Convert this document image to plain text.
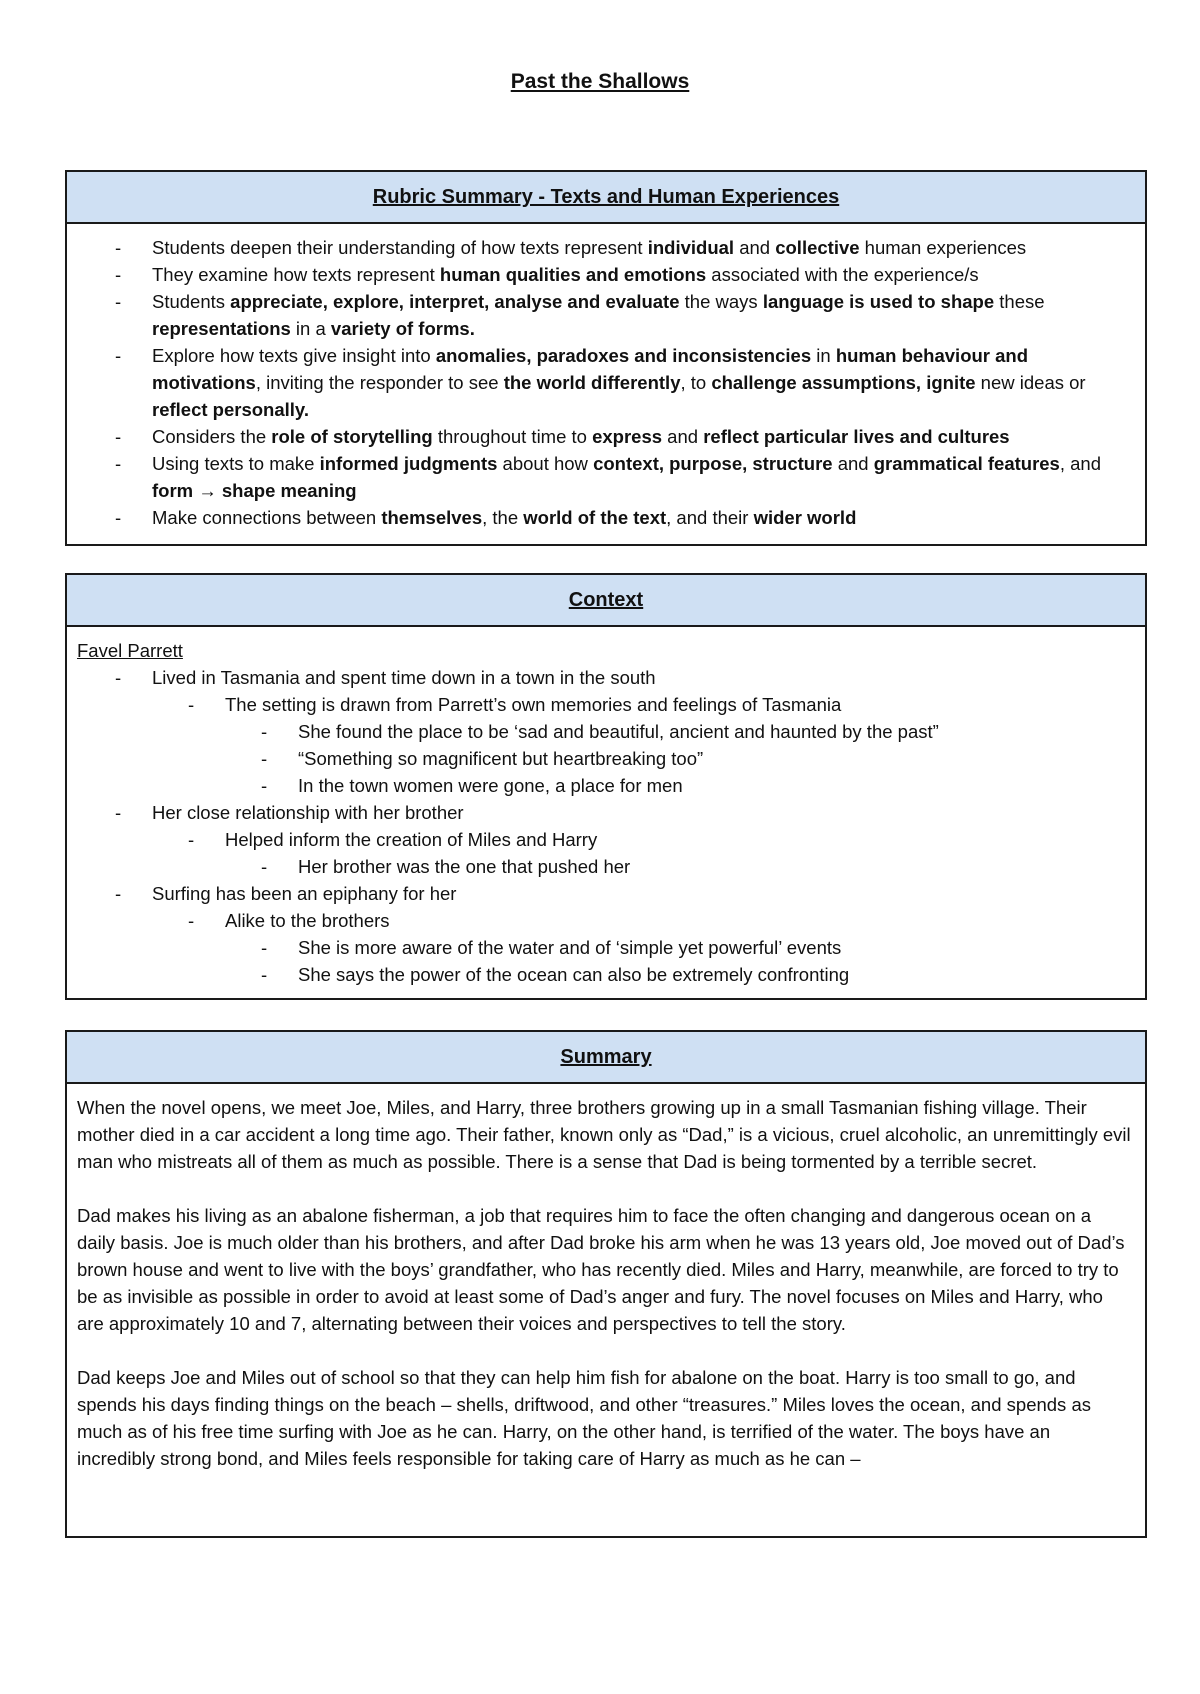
Past the Shallows
Rubric Summary - Texts and Human Experiences
- Students deepen their understanding of how texts represent individual and collective human experiences
- They examine how texts represent human qualities and emotions associated with the experience/s
- Students appreciate, explore, interpret, analyse and evaluate the ways language is used to shape these representations in a variety of forms.
- Explore how texts give insight into anomalies, paradoxes and inconsistencies in human behaviour and motivations, inviting the responder to see the world differently, to challenge assumptions, ignite new ideas or reflect personally.
- Considers the role of storytelling throughout time to express and reflect particular lives and cultures
- Using texts to make informed judgments about how context, purpose, structure and grammatical features, and form → shape meaning
- Make connections between themselves, the world of the text, and their wider world
Context
Favel Parrett
- Lived in Tasmania and spent time down in a town in the south
- The setting is drawn from Parrett’s own memories and feelings of Tasmania
- She found the place to be ‘sad and beautiful, ancient and haunted by the past”
- “Something so magnificent but heartbreaking too”
- In the town women were gone, a place for men
- Her close relationship with her brother
- Helped inform the creation of Miles and Harry
- Her brother was the one that pushed her
- Surfing has been an epiphany for her
- Alike to the brothers
- She is more aware of the water and of ‘simple yet powerful’ events
- She says the power of the ocean can also be extremely confronting
Summary

When the novel opens, we meet Joe, Miles, and Harry, three brothers growing up in a small Tasmanian fishing village. Their mother died in a car accident a long time ago. Their father, known only as “Dad,” is a vicious, cruel alcoholic, an unremittingly evil man who mistreats all of them as much as possible. There is a sense that Dad is being tormented by a terrible secret.

Dad makes his living as an abalone fisherman, a job that requires him to face the often changing and dangerous ocean on a daily basis. Joe is much older than his brothers, and after Dad broke his arm when he was 13 years old, Joe moved out of Dad’s brown house and went to live with the boys’ grandfather, who has recently died. Miles and Harry, meanwhile, are forced to try to be as invisible as possible in order to avoid at least some of Dad’s anger and fury. The novel focuses on Miles and Harry, who are approximately 10 and 7, alternating between their voices and perspectives to tell the story.

Dad keeps Joe and Miles out of school so that they can help him fish for abalone on the boat. Harry is too small to go, and spends his days finding things on the beach – shells, driftwood, and other “treasures.” Miles loves the ocean, and spends as much as of his free time surfing with Joe as he can. Harry, on the other hand, is terrified of the water. The boys have an incredibly strong bond, and Miles feels responsible for taking care of Harry as much as he can –
